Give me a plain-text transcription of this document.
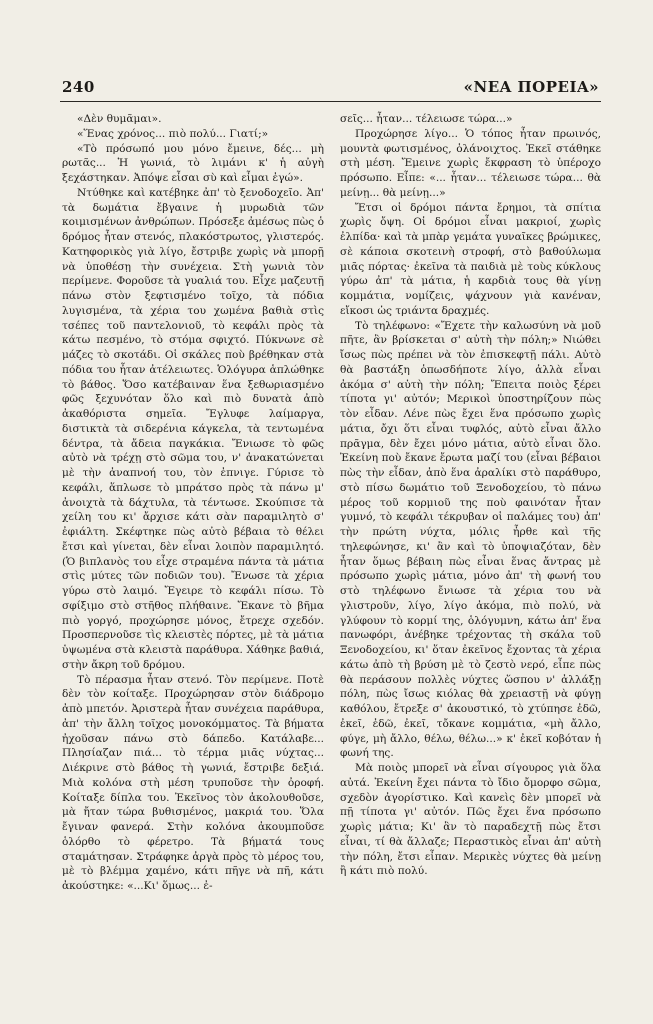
240	«ΝΕΑ ΠΟΡΕΙΑ»

«Δὲν θυμᾶμαι».

«Ἕνας χρόνος... πιὸ πολύ... Γιατί;»

«Τὸ πρόσωπό μου μόνο ἔμεινε, δές... μὴ ρωτᾶς... Ἡ γωνιά, τὸ λιμάνι κ' ἡ αὐγὴ ξεχάστηκαν. Ἀπόψε εἶσαι σὺ καὶ εἶμαι ἐγώ».

Ντύθηκε καὶ κατέβηκε ἀπ' τὸ ξενοδοχεῖο. Ἀπ' τὰ δωμάτια ἔβγαινε ἡ μυρωδιὰ τῶν κοιμισμένων ἀνθρώπων. Πρόσεξε ἀμέσως πὼς ὁ δρόμος ἦταν στενός, πλακόστρωτος, γλιστερός. Κατηφορικὸς γιὰ λίγο, ἔστριβε χωρὶς νὰ μπορῇ νὰ ὑποθέσῃ τὴν συνέχεια. Στὴ γωνιὰ τὸν περίμενε. Φοροῦσε τὰ γυαλιά του. Εἶχε μαζευτῇ πάνω στὸν ξεφτισμένο τοῖχο, τὰ πόδια λυγισμένα, τὰ χέρια του χωμένα βαθιὰ στὶς τσέπες τοῦ παντελονιοῦ, τὸ κεφάλι πρὸς τὰ κάτω πεσμένο, τὸ στόμα σφιχτό. Πύκνωνε σὲ μάζες τὸ σκοτάδι. Οἱ σκάλες ποὺ βρέθηκαν στὰ πόδια του ἦταν ἀτέλειωτες. Ὁλόγυρα ἁπλώθηκε τὸ βάθος. Ὅσο κατέβαιναν ἕνα ξεθωριασμένο φῶς ξεχυνόταν ὅλο καὶ πιὸ δυνατὰ ἀπὸ ἀκαθόριστα σημεῖα. Ἔγλυφε λαίμαργα, διστικτὰ τὰ σιδερένια κάγκελα, τὰ τεντωμένα δέντρα, τὰ ἄδεια παγκάκια. Ἔνιωσε τὸ φῶς αὐτὸ νὰ τρέχῃ στὸ σῶμα του, ν' ἀνακατώνεται μὲ τὴν ἀναπνοή του, τὸν ἐπνιγε. Γύρισε τὸ κεφάλι, ἅπλωσε τὸ μπράτσο πρὸς τὰ πάνω μ' ἀνοιχτὰ τὰ δάχτυλα, τὰ τέντωσε. Σκούπισε τὰ χείλη του κι' ἄρχισε κάτι σὰν παραμιλητὸ σ' ἐφιάλτη. Σκέφτηκε πὼς αὐτὸ βέβαια τὸ θέλει ἔτσι καὶ γίνεται, δὲν εἶναι λοιπὸν παραμιλητό. (Ὁ βιπλανὸς του εἶχε στραμένα πάντα τὰ μάτια στὶς μύτες τῶν ποδιῶν του). Ἔνωσε τὰ χέρια γύρω στὸ λαιμό. Ἔγειρε τὸ κεφάλι πίσω. Τὸ σφίξιμο στὸ στῆθος πλήθαινε. Ἔκανε τὸ βῆμα πιὸ γοργό, προχώρησε μόνος, ἔτρεχε σχεδόν. Προσπερνοῦσε τὶς κλειστὲς πόρτες, μὲ τὰ μάτια ὑψωμένα στὰ κλειστὰ παράθυρα. Χάθηκε βαθιά, στὴν ἄκρη τοῦ δρόμου.

Τὸ πέρασμα ἦταν στενό. Τὸν περίμενε. Ποτὲ δὲν τὸν κοίταξε. Προχώρησαν στὸν διάδρομο ἀπὸ μπετόν. Ἀριστερὰ ἦταν συνέχεια παράθυρα, ἀπ' τὴν ἄλλη τοῖχος μονοκόμματος. Τὰ βήματα ἠχοῦσαν πάνω στὸ δάπεδο. Κατάλαβε... Πλησίαζαν πιά... τὸ τέρμα μιᾶς νύχτας... Διέκρινε στὸ βάθος τὴ γωνιά, ἔστριβε δεξιά. Μιὰ κολόνα στὴ μέση τρυποῦσε τὴν ὀροφή. Κοίταξε δίπλα του. Ἐκεῖνος τὸν ἀκολουθοῦσε, μὰ ἤταν τώρα βυθισμένος, μακριά του. Ὅλα ἔγιναν φανερά. Στὴν κολόνα ἀκουμποῦσε ὁλόρθο τὸ φέρετρο. Τὰ βήματά τους σταμάτησαν. Στράφηκε ἀργὰ πρὸς τὸ μέρος του, μὲ τὸ βλέμμα χαμένο, κάτι πῆγε νὰ πῆ, κάτι ἀκούστηκε: «...Κι' ὅμως... ἐ-

σεῖς... ἦταν... τέλειωσε τώρα...»

Προχώρησε λίγο... Ὁ τόπος ἦταν πρωινός, μουντὰ φωτισμένος, ὁλάνοιχτος. Ἐκεῖ στάθηκε στὴ μέση. Ἔμεινε χωρὶς ἔκφραση τὸ ὑπέροχο πρόσωπο. Εἶπε: «... ἦταν... τέλειωσε τώρα... θὰ μείνῃ... θὰ μείνῃ...»

Ἔτσι οἱ δρόμοι πάντα ἔρημοι, τὰ σπίτια χωρὶς ὄψη. Οἱ δρόμοι εἶναι μακριοί, χωρὶς ἐλπίδα· καὶ τὰ μπὰρ γεμάτα γυναῖκες βρώμικες, σὲ κάποια σκοτεινὴ στροφή, στὸ βαθούλωμα μιᾶς πόρτας· ἐκεῖνα τὰ παιδιὰ μὲ τοὺς κύκλους γύρω ἀπ' τὰ μάτια, ἡ καρδιὰ τους θὰ γίνῃ κομμάτια, νομίζεις, ψάχνουν γιὰ κανέναν, εἴκοσι ὡς τριάντα δραχμές.

Τὸ τηλέφωνο: «Ἔχετε τὴν καλωσύνη νὰ μοῦ πῆτε, ἂν βρίσκεται σ' αὐτὴ τὴν πόλη;» Νιώθει ἴσως πὼς πρέπει νὰ τὸν ἐπισκεφτῇ πάλι. Αὐτὸ θὰ βαστάξη ὁπωσδήποτε λίγο, ἀλλὰ εἶναι ἀκόμα σ' αὐτὴ τὴν πόλη; Ἔπειτα ποιὸς ξέρει τίποτα γι' αὐτόν; Μερικοὶ ὑποστηρίζουν πὼς τὸν εἶδαν. Λένε πὼς ἔχει ἕνα πρόσωπο χωρὶς μάτια, ὄχι ὅτι εἶναι τυφλός, αὐτὸ εἶναι ἄλλο πρᾶγμα, δὲν ἔχει μόνο μάτια, αὐτὸ εἶναι ὅλο. Ἐκείνη ποὺ ἔκανε ἔρωτα μαζί του (εἶναι βέβαιοι πὼς τὴν εἶδαν, ἀπὸ ἕνα ἀραλίκι στὸ παράθυρο, στὸ πίσω δωμάτιο τοῦ Ξενοδοχείου, τὸ πάνω μέρος τοῦ κορμιοῦ της ποὺ φαινόταν ἦταν γυμνό, τὸ κεφάλι τέκρυβαν οἱ παλάμες του) ἀπ' τὴν πρώτη νύχτα, μόλις ἦρθε καὶ τῆς τηλεφώνησε, κι' ἂν καὶ τὸ ὑποψιαζόταν, δὲν ἦταν ὅμως βέβαιη πὼς εἶναι ἕνας ἄντρας μὲ πρόσωπο χωρὶς μάτια, μόνο ἀπ' τὴ φωνή του στὸ τηλέφωνο ἔνιωσε τὰ χέρια του νὰ γλιστροῦν, λίγο, λίγο ἀκόμα, πιὸ πολύ, νὰ γλύφουν τὸ κορμί της, ὁλόγυμνη, κάτω ἀπ' ἕνα πανωφόρι, ἀνέβηκε τρέχοντας τὴ σκάλα τοῦ Ξενοδοχείου, κι' ὅταν ἐκεῖνος ἔχοντας τὰ χέρια κάτω ἀπὸ τὴ βρύση μὲ τὸ ζεστὸ νερό, εἶπε πὼς θὰ περάσουν πολλὲς νύχτες ὥσπου ν' ἀλλάξῃ πόλη, πὼς ἴσως κιόλας θὰ χρειαστῇ νὰ φύγῃ καθόλου, ἔτρεξε σ' ἀκουστικό, τὸ χτύπησε ἐδῶ, ἐκεῖ, ἐδῶ, ἐκεῖ, τὄκανε κομμάτια, «μὴ ἄλλο, φύγε, μὴ ἄλλο, θέλω, θέλω...» κ' ἐκεῖ κοβόταν ἡ φωνή της.

Μὰ ποιὸς μπορεῖ νὰ εἶναι σίγουρος γιὰ ὅλα αὐτά. Ἐκείνη ἔχει πάντα τὸ ἴδιο ὄμορφο σῶμα, σχεδὸν ἀγορίστικο. Καὶ κανεὶς δὲν μπορεῖ νὰ πῇ τίποτα γι' αὐτόν. Πῶς ἔχει ἕνα πρόσωπο χωρὶς μάτια; Κι' ἂν τὸ παραδεχτῇ πὼς ἔτσι εἶναι, τί θὰ ἄλλαζε; Περαστικὸς εἶναι ἀπ' αὐτὴ τὴν πόλη, ἔτσι εἶπαν. Μερικὲς νύχτες θὰ μείνῃ ἢ κάτι πιὸ πολύ.
